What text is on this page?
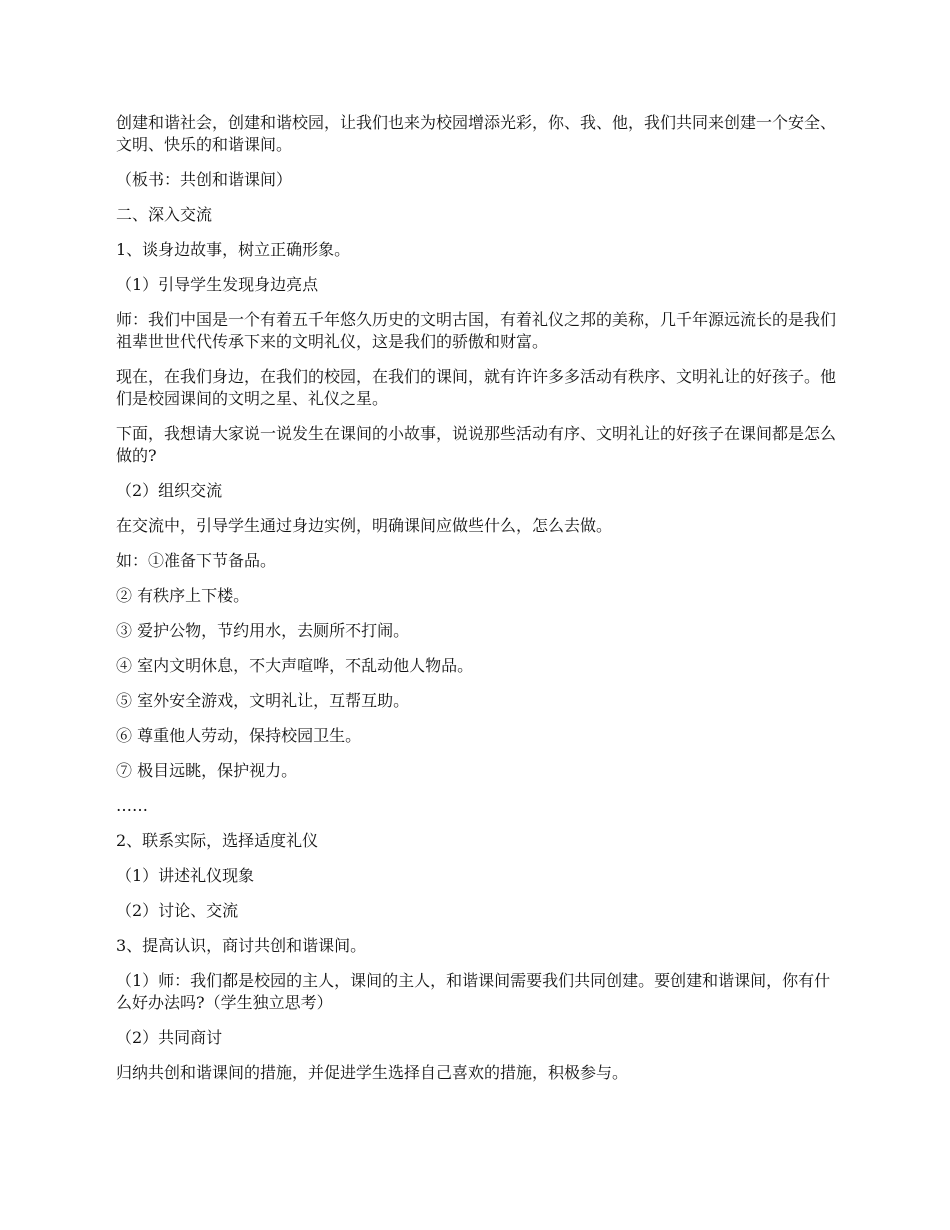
创建和谐社会，创建和谐校园，让我们也来为校园增添光彩，你、我、他，我们共同来创建一个安全、文明、快乐的和谐课间。

（板书：共创和谐课间）

二、深入交流

1、谈身边故事，树立正确形象。

（1）引导学生发现身边亮点

师：我们中国是一个有着五千年悠久历史的文明古国，有着礼仪之邦的美称，几千年源远流长的是我们祖辈世世代代传承下来的文明礼仪，这是我们的骄傲和财富。

现在，在我们身边，在我们的校园，在我们的课间，就有许许多多活动有秩序、文明礼让的好孩子。他们是校园课间的文明之星、礼仪之星。

下面，我想请大家说一说发生在课间的小故事，说说那些活动有序、文明礼让的好孩子在课间都是怎么做的?

（2）组织交流

在交流中，引导学生通过身边实例，明确课间应做些什么，怎么去做。

如：①准备下节备品。

② 有秩序上下楼。

③ 爱护公物，节约用水，去厕所不打闹。

④ 室内文明休息，不大声喧哗，不乱动他人物品。

⑤ 室外安全游戏，文明礼让，互帮互助。

⑥ 尊重他人劳动，保持校园卫生。

⑦ 极目远眺，保护视力。

……

2、联系实际，选择适度礼仪

（1）讲述礼仪现象

（2）讨论、交流

3、提高认识，商讨共创和谐课间。

（1）师：我们都是校园的主人，课间的主人，和谐课间需要我们共同创建。要创建和谐课间，你有什么好办法吗?（学生独立思考）

（2）共同商讨

归纳共创和谐课间的措施，并促进学生选择自己喜欢的措施，积极参与。
